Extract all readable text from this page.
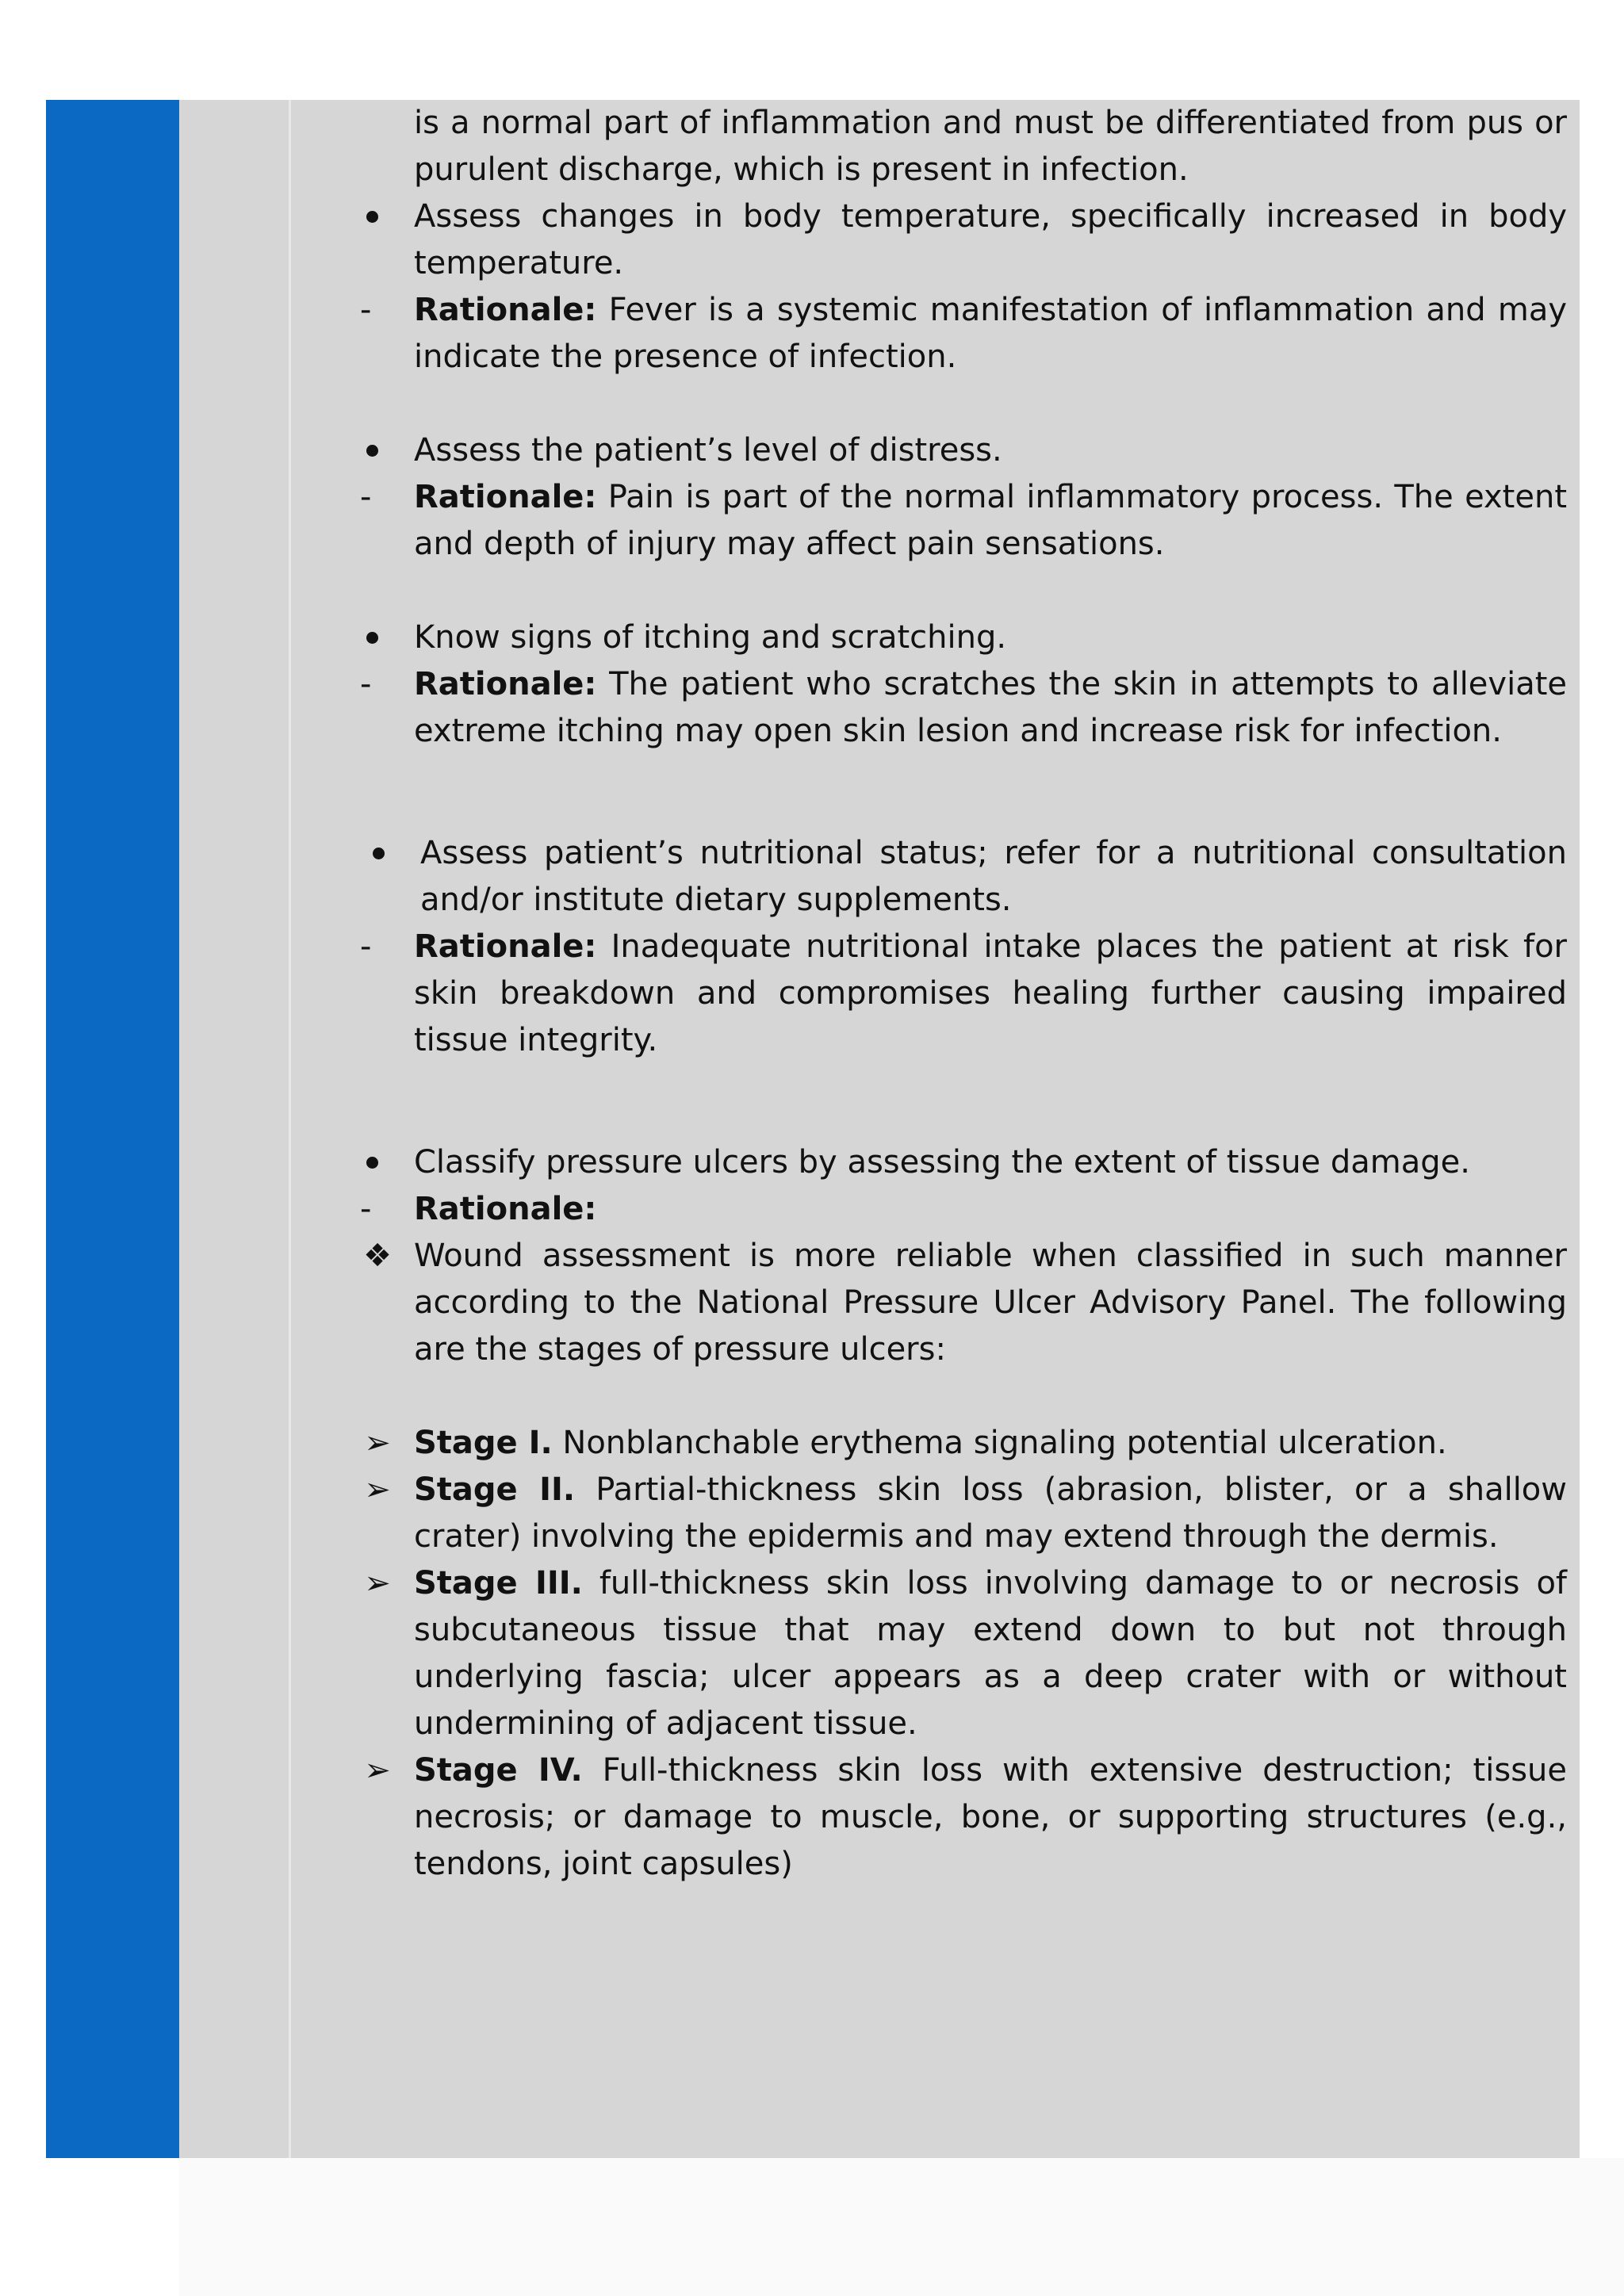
is a normal part of inflammation and must be differentiated from pus or purulent discharge, which is present in infection.
Assess changes in body temperature, specifically increased in body temperature.
-	Rationale: Fever is a systemic manifestation of inflammation and may indicate the presence of infection.
Assess the patient’s level of distress.
-	Rationale: Pain is part of the normal inflammatory process. The extent and depth of injury may affect pain sensations.
Know signs of itching and scratching.
-	Rationale: The patient who scratches the skin in attempts to alleviate extreme itching may open skin lesion and increase risk for infection.
Assess patient’s nutritional status; refer for a nutritional consultation and/or institute dietary supplements.
-	Rationale: Inadequate nutritional intake places the patient at risk for skin breakdown and compromises healing further causing impaired tissue integrity.
Classify pressure ulcers by assessing the extent of tissue damage.
-	Rationale:
❖ Wound assessment is more reliable when classified in such manner according to the National Pressure Ulcer Advisory Panel. The following are the stages of pressure ulcers:
➢ Stage I. Nonblanchable erythema signaling potential ulceration.
➢ Stage II. Partial-thickness skin loss (abrasion, blister, or a shallow crater) involving the epidermis and may extend through the dermis.
➢ Stage III. full-thickness skin loss involving damage to or necrosis of subcutaneous tissue that may extend down to but not through underlying fascia; ulcer appears as a deep crater with or without undermining of adjacent tissue.
➢ Stage IV. Full-thickness skin loss with extensive destruction; tissue necrosis; or damage to muscle, bone, or supporting structures (e.g., tendons, joint capsules)
